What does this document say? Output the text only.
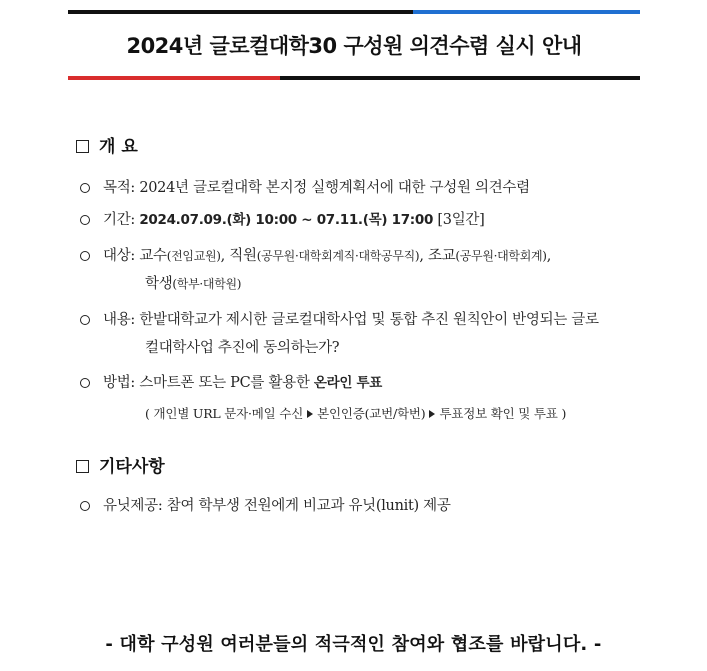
2024년 글로컬대학30 구성원 의견수렴 실시 안내
개 요
목적: 2024년 글로컬대학 본지정 실행계획서에 대한 구성원 의견수렴
기간: 2024.07.09.(화) 10:00 ~ 07.11.(목) 17:00 [3일간]
대상: 교수(전임교원), 직원(공무원·대학회계직·대학공무직), 조교(공무원·대학회계),
학생(학부·대학원)
내용: 한밭대학교가 제시한 글로컬대학사업 및 통합 추진 원칙안이 반영되는 글로
컬대학사업 추진에 동의하는가?
방법: 스마트폰 또는 PC를 활용한 온라인 투표
( 개인별 URL 문자·메일 수신 본인인증(교번/학번) 투표정보 확인 및 투표 )
기타사항
유닛제공: 참여 학부생 전원에게 비교과 유닛(lunit) 제공
- 대학 구성원 여러분들의 적극적인 참여와 협조를 바랍니다. -
